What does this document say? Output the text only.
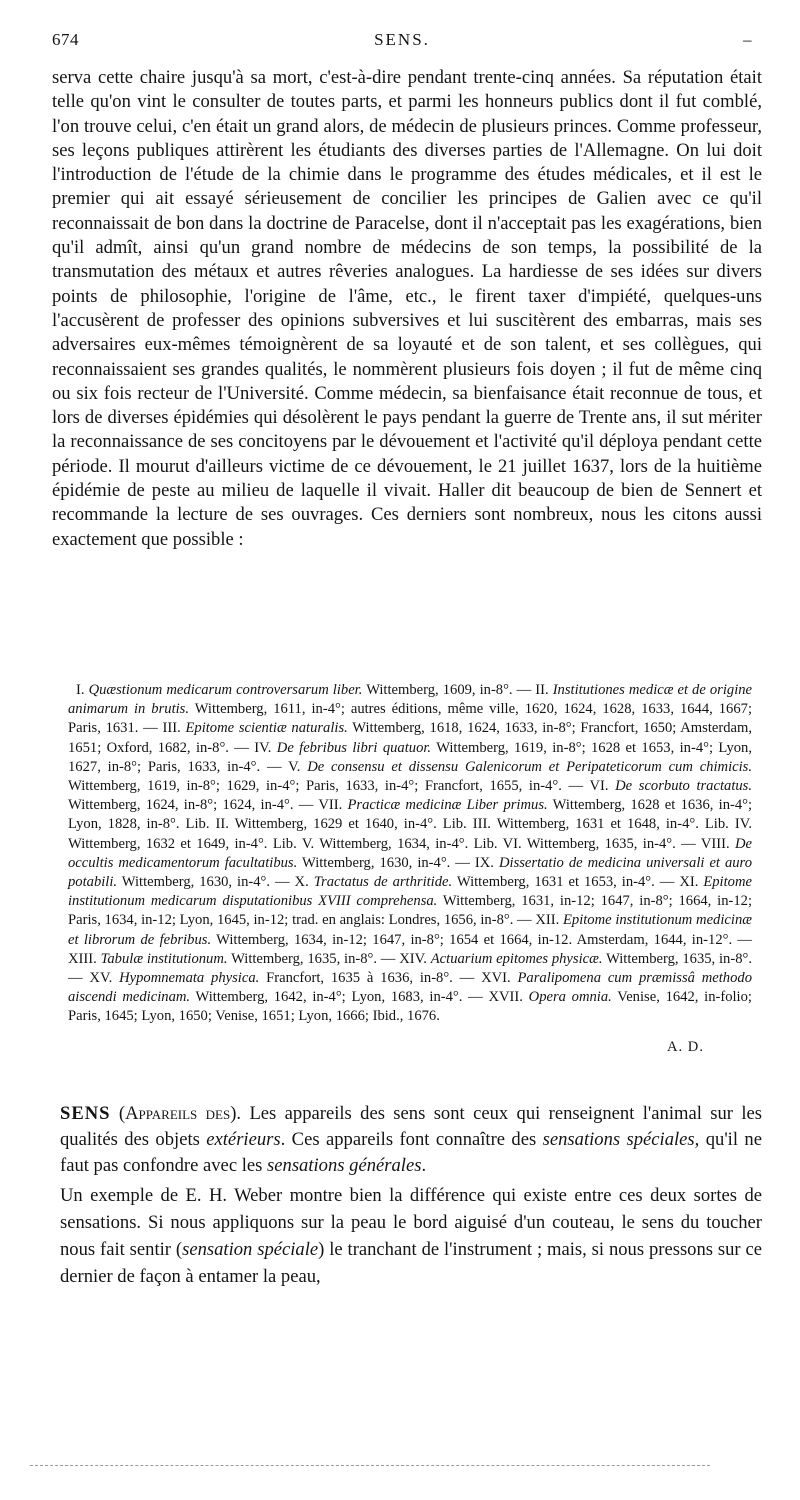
674	SENS.	–

serva cette chaire jusqu'à sa mort, c'est-à-dire pendant trente-cinq années. Sa réputation était telle qu'on vint le consulter de toutes parts, et parmi les honneurs publics dont il fut comblé, l'on trouve celui, c'en était un grand alors, de médecin de plusieurs princes. Comme professeur, ses leçons publiques attirèrent les étudiants des diverses parties de l'Allemagne. On lui doit l'introduction de l'étude de la chimie dans le programme des études médicales, et il est le premier qui ait essayé sérieusement de concilier les principes de Galien avec ce qu'il reconnaissait de bon dans la doctrine de Paracelse, dont il n'acceptait pas les exagérations, bien qu'il admît, ainsi qu'un grand nombre de médecins de son temps, la possibilité de la transmutation des métaux et autres rêveries analogues. La hardiesse de ses idées sur divers points de philosophie, l'origine de l'âme, etc., le firent taxer d'impiété, quelques-uns l'accusèrent de professer des opinions subversives et lui suscitèrent des embarras, mais ses adversaires eux-mêmes témoignèrent de sa loyauté et de son talent, et ses collègues, qui reconnaissaient ses grandes qualités, le nommèrent plusieurs fois doyen ; il fut de même cinq ou six fois recteur de l'Université. Comme médecin, sa bienfaisance était reconnue de tous, et lors de diverses épidémies qui désolèrent le pays pendant la guerre de Trente ans, il sut mériter la reconnaissance de ses concitoyens par le dévouement et l'activité qu'il déploya pendant cette période. Il mourut d'ailleurs victime de ce dévouement, le 21 juillet 1637, lors de la huitième épidémie de peste au milieu de laquelle il vivait. Haller dit beaucoup de bien de Sennert et recommande la lecture de ses ouvrages. Ces derniers sont nombreux, nous les citons aussi exactement que possible :

I. Quæstionum medicarum controversarum liber. Wittemberg, 1609, in-8°. — II. Institutiones medicæ et de origine animarum in brutis. Wittemberg, 1611, in-4°; autres éditions, même ville, 1620, 1624, 1628, 1633, 1644, 1667; Paris, 1631. — III. Epitome scientiæ naturalis. Wittemberg, 1618, 1624, 1633, in-8°; Francfort, 1650; Amsterdam, 1651; Oxford, 1682, in-8°. — IV. De febribus libri quatuor. Wittemberg, 1619, in-8°; 1628 et 1653, in-4°; Lyon, 1627, in-8°; Paris, 1633, in-4°. — V. De consensu et dissensu Galenicorum et Peripateticorum cum chimicis. Wittemberg, 1619, in-8°; 1629, in-4°; Paris, 1633, in-4°; Francfort, 1655, in-4°. — VI. De scorbuto tractatus. Wittemberg, 1624, in-8°; 1624, in-4°. — VII. Practicæ medicinæ Liber primus. Wittemberg, 1628 et 1636, in-4°; Lyon, 1828, in-8°. Lib. II. Wittemberg, 1629 et 1640, in-4°. Lib. III. Wittemberg, 1631 et 1648, in-4°. Lib. IV. Wittemberg, 1632 et 1649, in-4°. Lib. V. Wittemberg, 1634, in-4°. Lib. VI. Wittemberg, 1635, in-4°. — VIII. De occultis medicamentorum facultatibus. Wittemberg, 1630, in-4°. — IX. Dissertatio de medicina universali et auro potabili. Wittemberg, 1630, in-4°. — X. Tractatus de arthritide. Wittemberg, 1631 et 1653, in-4°. — XI. Epitome institutionum medicarum disputationibus XVIII comprehensa. Wittemberg, 1631, in-12; 1647, in-8°; 1664, in-12; Paris, 1634, in-12; Lyon, 1645, in-12; trad. en anglais: Londres, 1656, in-8°. — XII. Epitome institutionum medicinæ et librorum de febribus. Wittemberg, 1634, in-12; 1647, in-8°; 1654 et 1664, in-12. Amsterdam, 1644, in-12°. — XIII. Tabulæ institutionum. Wittemberg, 1635, in-8°. — XIV. Actuarium epitomes physicæ. Wittemberg, 1635, in-8°. — XV. Hypomnemata physica. Francfort, 1635 à 1636, in-8°. — XVI. Paralipomena cum præmissâ methodo aiscendi medicinam. Wittemberg, 1642, in-4°; Lyon, 1683, in-4°. — XVII. Opera omnia. Venise, 1642, in-folio; Paris, 1645; Lyon, 1650; Venise, 1651; Lyon, 1666; Ibid., 1676.

A. D.

SENS (Appareils des). Les appareils des sens sont ceux qui renseignent l'animal sur les qualités des objets extérieurs. Ces appareils font connaître des sensations spéciales, qu'il ne faut pas confondre avec les sensations générales.

Un exemple de E. H. Weber montre bien la différence qui existe entre ces deux sortes de sensations. Si nous appliquons sur la peau le bord aiguisé d'un couteau, le sens du toucher nous fait sentir (sensation spéciale) le tranchant de l'instrument ; mais, si nous pressons sur ce dernier de façon à entamer la peau,
